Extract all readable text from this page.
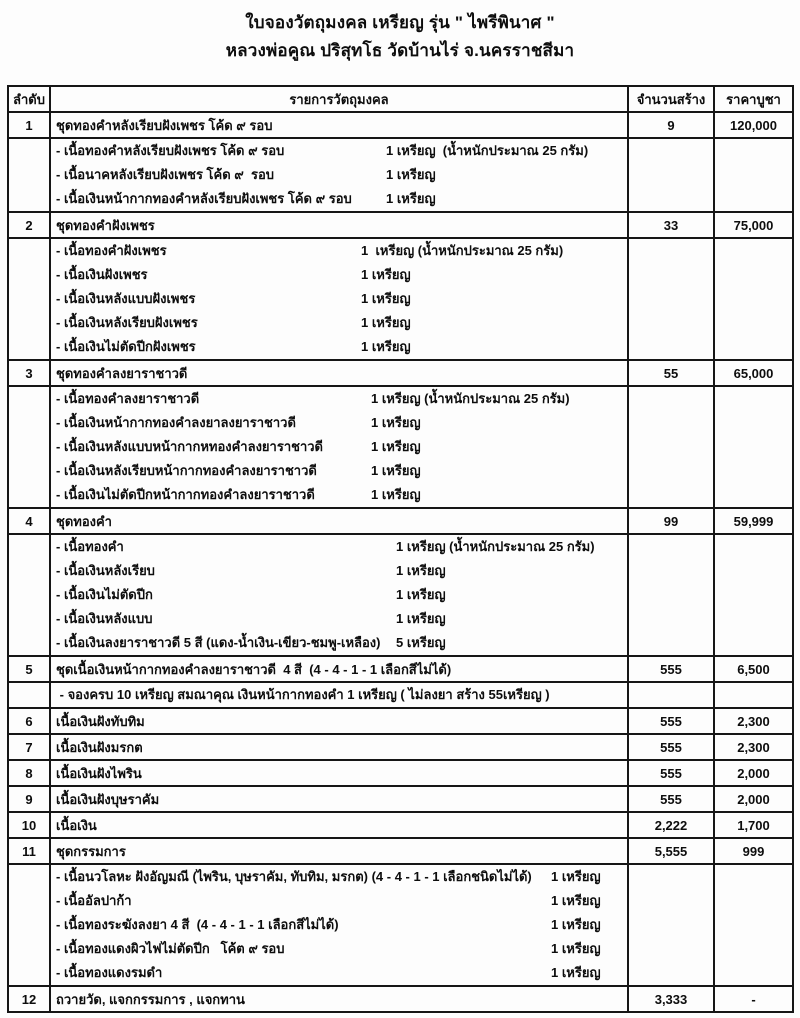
ใบจองวัตถุมงคล เหรียญ รุ่น " ไพรีพินาศ "
หลวงพ่อคูณ ปริสุทโธ วัดบ้านไร่ จ.นครราชสีมา
ลำดับ	รายการวัตถุมงคล	จำนวนสร้าง	ราคาบูชา
1	ชุดทองคำหลังเรียบฝังเพชร โค้ด ๙ รอบ	9	120,000
- เนื้อทองคำหลังเรียบฝังเพชร โค้ด ๙ รอบ	1 เหรียญ  (น้ำหนักประมาณ 25 กรัม)
- เนื้อนาคหลังเรียบฝังเพชร โค้ด ๙  รอบ	1 เหรียญ
- เนื้อเงินหน้ากากทองคำหลังเรียบฝังเพชร โค้ด ๙ รอบ	1 เหรียญ
2	ชุดทองคำฝังเพชร	33	75,000
- เนื้อทองคำฝังเพชร	1  เหรียญ (น้ำหนักประมาณ 25 กรัม)
- เนื้อเงินฝังเพชร	1 เหรียญ
- เนื้อเงินหลังแบบฝังเพชร	1 เหรียญ
- เนื้อเงินหลังเรียบฝังเพชร	1 เหรียญ
- เนื้อเงินไม่ตัดปีกฝังเพชร	1 เหรียญ
3	ชุดทองคำลงยาราชาวดี	55	65,000
- เนื้อทองคำลงยาราชาวดี	1 เหรียญ (น้ำหนักประมาณ 25 กรัม)
- เนื้อเงินหน้ากากทองคำลงยาลงยาราชาวดี	1 เหรียญ
- เนื้อเงินหลังแบบหน้ากากหทองคำลงยาราชาวดี	1 เหรียญ
- เนื้อเงินหลังเรียบหน้ากากทองคำลงยาราชาวดี	1 เหรียญ
- เนื้อเงินไม่ตัดปีกหน้ากากทองคำลงยาราชาวดี	1 เหรียญ
4	ชุดทองคำ	99	59,999
- เนื้อทองคำ	1 เหรียญ (น้ำหนักประมาณ 25 กรัม)
- เนื้อเงินหลังเรียบ	1 เหรียญ
- เนื้อเงินไม่ตัดปีก	1 เหรียญ
- เนื้อเงินหลังแบบ	1 เหรียญ
- เนื้อเงินลงยาราชาวดี 5 สี (แดง-น้ำเงิน-เขียว-ชมพู-เหลือง)	5 เหรียญ
5	ชุดเนื้อเงินหน้ากากทองคำลงยาราชาวดี  4 สี  (4 - 4 - 1 - 1 เลือกสีไม่ได้)	555	6,500
- จองครบ 10 เหรียญ สมณาคุณ เงินหน้ากากทองคำ 1 เหรียญ ( ไม่ลงยา สร้าง 55เหรียญ )
6	เนื้อเงินฝังทับทิม	555	2,300
7	เนื้อเงินฝังมรกต	555	2,300
8	เนื้อเงินฝังไพริน	555	2,000
9	เนื้อเงินฝังบุษราคัม	555	2,000
10	เนื้อเงิน	2,222	1,700
11	ชุดกรรมการ	5,555	999
- เนื้อนวโลหะ ฝังอัญมณี (ไพริน, บุษราคัม, ทับทิม, มรกต) (4 - 4 - 1 - 1 เลือกชนิดไม่ได้)	1 เหรียญ
- เนื้ออัลปาก้า	1 เหรียญ
- เนื้อทองระฆังลงยา 4 สี  (4 - 4 - 1 - 1 เลือกสีไม่ได้)	1 เหรียญ
- เนื้อทองแดงผิวไฟไม่ตัดปีก   โค้ต ๙ รอบ	1 เหรียญ
- เนื้อทองแดงรมดำ	1 เหรียญ
12	ถวายวัด, แจกกรรมการ , แจกทาน	3,333	-
